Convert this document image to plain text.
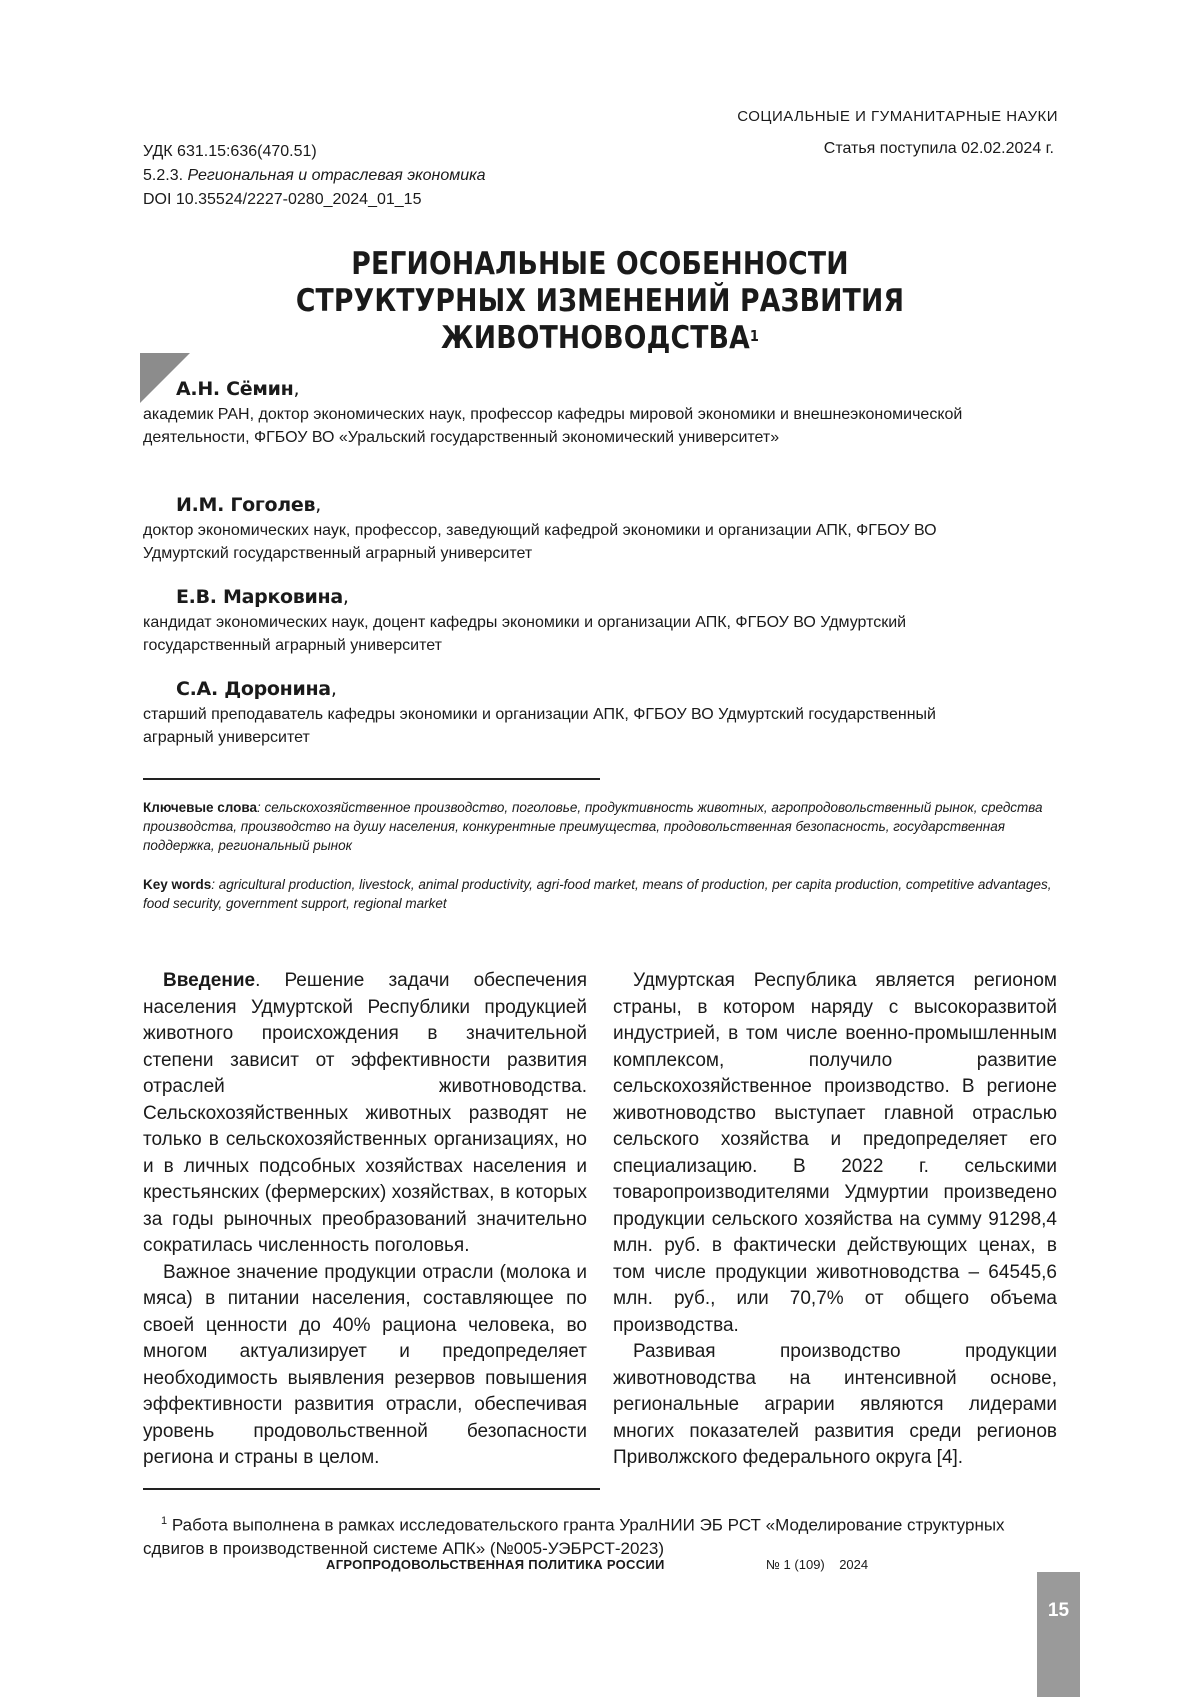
СОЦИАЛЬНЫЕ И ГУМАНИТАРНЫЕ НАУКИ
УДК 631.15:636(470.51)
5.2.3. Региональная и отраслевая экономика
DOI 10.35524/2227-0280_2024_01_15
Статья поступила 02.02.2024 г.
РЕГИОНАЛЬНЫЕ ОСОБЕННОСТИ
СТРУКТУРНЫХ ИЗМЕНЕНИЙ РАЗВИТИЯ ЖИВОТНОВОДСТВА$^1$
А.Н. Сёмин,
академик РАН, доктор экономических наук, профессор кафедры мировой экономики и внешнеэкономической деятельности, ФГБОУ ВО «Уральский государственный экономический университет»
И.М. Гоголев,
доктор экономических наук, профессор, заведующий кафедрой экономики и организации АПК, ФГБОУ ВО Удмуртский государственный аграрный университет
Е.В. Марковина,
кандидат экономических наук, доцент кафедры экономики и организации АПК, ФГБОУ ВО Удмуртский государственный аграрный университет
С.А. Доронина,
старший преподаватель кафедры экономики и организации АПК, ФГБОУ ВО Удмуртский государственный аграрный университет
Ключевые слова: сельскохозяйственное производство, поголовье, продуктивность животных, агропродовольственный рынок, средства производства, производство на душу населения, конкурентные преимущества, продовольственная безопасность, государственная поддержка, региональный рынок
Key words: agricultural production, livestock, animal productivity, agri-food market, means of production, per capita production, competitive advantages, food security, government support, regional market

Введение. Решение задачи обеспечения населения Удмуртской Республики продукцией животного происхождения в значительной степени зависит от эффективности развития отраслей животноводства. Сельскохозяйственных животных разводят не только в сельскохозяйственных организациях, но и в личных подсобных хозяйствах населения и крестьянских (фермерских) хозяйствах, в которых за годы рыночных преобразований значительно сократилась численность поголовья.

Важное значение продукции отрасли (молока и мяса) в питании населения, составляющее по своей ценности до 40% рациона человека, во многом актуализирует и предопределяет необходимость выявления резервов повышения эффективности развития отрасли, обеспечивая уровень продовольственной безопасности региона и страны в целом.

Удмуртская Республика является регионом страны, в котором наряду с высокоразвитой индустрией, в том числе военно-промышленным комплексом, получило развитие сельскохозяйственное производство. В регионе животноводство выступает главной отраслью сельского хозяйства и предопределяет его специализацию. В 2022 г. сельскими товаропроизводителями Удмуртии произведено продукции сельского хозяйства на сумму 91298,4 млн. руб. в фактически действующих ценах, в том числе продукции животноводства – 64545,6 млн. руб., или 70,7% от общего объема производства.

Развивая производство продукции животноводства на интенсивной основе, региональные аграрии являются лидерами многих показателей развития среди регионов Приволжского федерального округа [4].

$^1$ Работа выполнена в рамках исследовательского гранта УралНИИ ЭБ РСТ «Моделирование структурных сдвигов в производственной системе АПК» (№005-УЭБРСТ-2023)
АГРОПРОДОВОЛЬСТВЕННАЯ ПОЛИТИКА РОССИИ	№ 1 (109)    2024
15
